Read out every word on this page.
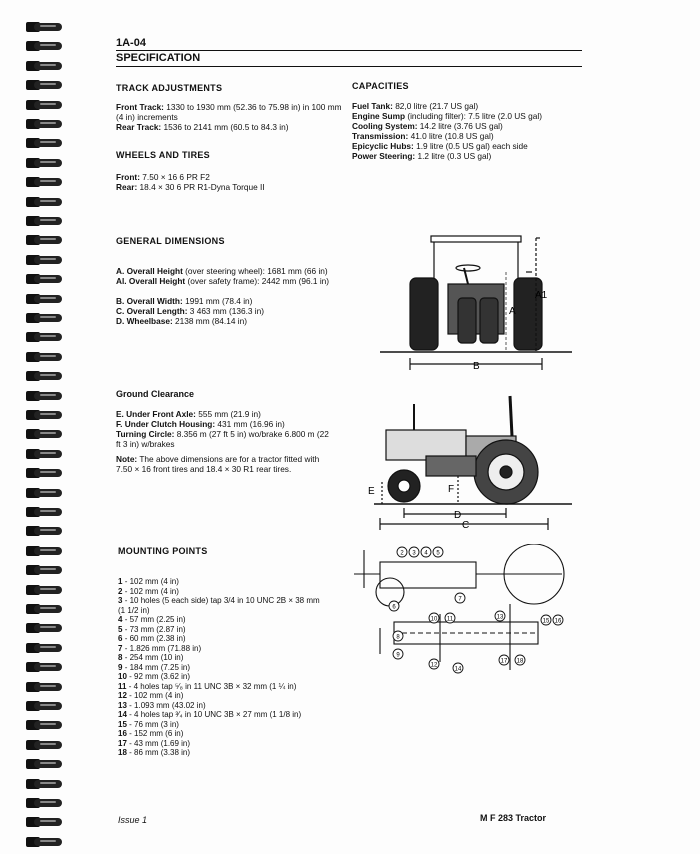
1A-04
SPECIFICATION
TRACK ADJUSTMENTS
Front Track: 1330 to 1930 mm (52.36 to 75.98 in) in 100 mm
(4 in) increments
Rear Track: 1536 to 2141 mm (60.5 to 84.3 in)
WHEELS AND TIRES
Front: 7.50 × 16 6 PR F2
Rear: 18.4 × 30 6 PR R1-Dyna Torque II
CAPACITIES
Fuel Tank: 82,0 litre (21.7 US gal)
Engine Sump (including filter): 7.5 litre (2.0 US gal)
Cooling System: 14.2 litre (3.76 US gal)
Transmission: 41.0 litre (10.8 US gal)
Epicyclic Hubs: 1.9 litre (0.5 US gal) each side
Power Steering: 1.2 litre (0.3 US gal)
GENERAL DIMENSIONS
A. Overall Height (over steering wheel): 1681 mm (66 in)
Al. Overall Height (over safety frame): 2442 mm (96.1 in)
B. Overall Width: 1991 mm (78.4 in)
C. Overall Length: 3 463 mm (136.3 in)
D. Wheelbase: 2138 mm (84.14 in)
Ground Clearance
E. Under Front Axle: 555 mm (21.9 in)
F. Under Clutch Housing: 431 mm (16.96 in)
Turning Circle: 8.356 m (27 ft 5 in) wo/brake 6.800 m (22
ft 3 in) w/brakes
Note: The above dimensions are for a tractor fitted with
7.50 × 16 front tires and 18.4 × 30 R1 rear tires.
MOUNTING POINTS
1 - 102 mm (4 in)
2 - 102 mm (4 in)
3 - 10 holes (5 each side) tap 3/4 in 10 UNC 2B × 38 mm
(1 1/2 in)
4 - 57 mm (2.25 in)
5 - 73 mm (2.87 in)
6 - 60 mm (2.38 in)
7 - 1.826 mm (71.88 in)
8 - 254 mm (10 in)
9 - 184 mm (7.25 in)
10 - 92 mm (3.62 in)
11 - 4 holes tap ⁵⁄₈ in 11 UNC 3B × 32 mm (1 ¼ in)
12 - 102 mm (4 in)
13 - 1.093 mm (43.02 in)
14 - 4 holes tap ³⁄₄ in 10 UNC 3B × 27 mm (1 1/8 in)
15 - 76 mm (3 in)
16 - 152 mm (6 in)
17 - 43 mm (1.69 in)
18 - 86 mm (3.38 in)
A1
A
B
E	F
D
C
2 3 4 5
6
7
8
9
10 11
12
13
14
15 16
17 18
Issue 1	M F 283 Tractor
